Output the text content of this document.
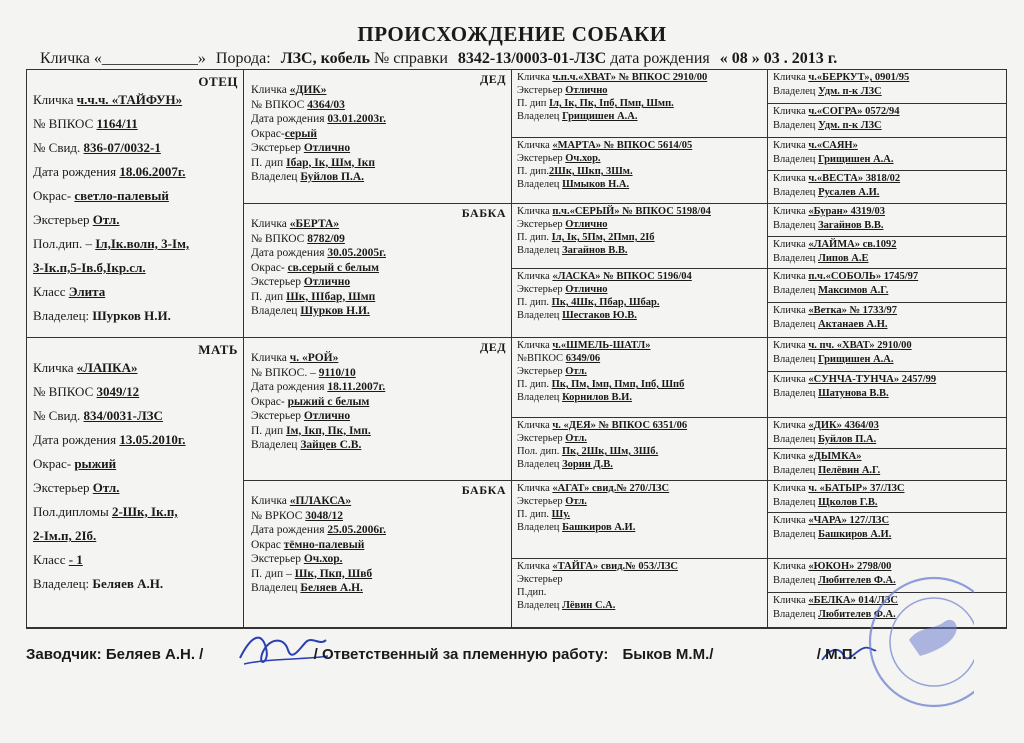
ПРОИСХОЖДЕНИЕ СОБАКИ
Кличка «____________» Порода: ЛЗС, кобель № справки 8342-13/0003-01-ЛЗС дата рождения « 08 » 03 . 2013 г.
ОТЕЦ
Кличка ч.ч.ч. «ТАЙФУН»
№ ВПКОС 1164/11
№ Свид. 836-07/0032-1
Дата рождения 18.06.2007г.
Окрас- светло-палевый
Экстерьер Отл.
Пол.дип. – Iл,Iк.волн, 3-Iм,
3-Iк.п,5-Iв.б,Iкр.сл.
Класс Элита
Владелец: Шурков Н.И.
МАТЬ
Кличка «ЛАПКА»
№ ВПКОС 3049/12
№ Свид. 834/0031-ЛЗС
Дата рождения 13.05.2010г.
Окрас- рыжий
Экстерьер Отл.
Пол.дипломы 2-Шк, Iк.п,
2-Iм.п, 2Iб.
Класс - 1
Владелец: Беляев А.Н.
ДЕД
Кличка «ДИК»
№ ВПКОС 4364/03
Дата рождения 03.01.2003г.
Окрас-серый
Экстерьер Отлично
П. дип Iбар, Iк, Шм, Iкп
Владелец Буйлов П.А.
БАБКА
Кличка «БЕРТА»
№ ВПКОС 8782/09
Дата рождения 30.05.2005г.
Окрас- св.серый с белым
Экстерьер Отлично
П. дип Шк, IIIбар, Шмп
Владелец Шурков Н.И.
ДЕД
Кличка ч. «РОЙ»
№ ВПКОС. – 9110/10
Дата рождения 18.11.2007г.
Окрас- рыжий с белым
Экстерьер Отлично
П. дип Iм, Iкп, Пк, Iмп.
Владелец Зайцев С.В.
БАБКА
Кличка «ПЛАКСА»
№ ВРКОС 3048/12
Дата рождения 25.05.2006г.
Окрас тёмно-палевый
Экстерьер Оч.хор.
П. дип – Шк, Пкп, Швб
Владелец Беляев А.Н.
Кличка ч.п.ч.«ХВАТ» № ВПКОС 2910/00
Экстерьер Отлично
П. дип Iл, Iк, Пк, Iпб, Пмп, Шмп.
Владелец Грищишен А.А.
Кличка «МАРТА» № ВПКОС 5614/05
Экстерьер Оч.хор.
П. дип.2Шк, Шкп, 3Шм.
Владелец Шмыков Н.А.
Кличка п.ч.«СЕРЫЙ» № ВПКОС 5198/04
Экстерьер Отлично
П. дип. Iл, Iк, 5Пм, 2Пмп, 2Iб
Владелец Загайнов В.В.
Кличка «ЛАСКА» № ВПКОС 5196/04
Экстерьер Отлично
П. дип. Пк, 4Шк, Пбар, Шбар.
Владелец Шестаков Ю.В.
Кличка ч.«ШМЕЛЬ-ШАТЛ»
№ВПКОС 6349/06
Экстерьер Отл.
П. дип. Пк, Пм, Iмп, Пмп, Iпб, Шпб
Владелец Корнилов В.И.
Кличка ч. «ДЕЯ» № ВПКОС 6351/06
Экстерьер Отл.
Пол. дип. Пк, 2Шк, Шм, 3Шб.
Владелец Зорин Д.В.
Кличка «АГАТ» свид.№ 270/ЛЗС
Экстерьер Отл.
П. дип. Шу.
Владелец Башкиров А.И.
Кличка «ТАЙГА» свид.№ 053/ЛЗС
Экстерьер
П.дип.
Владелец Лёвин С.А.
Кличка ч.«БЕРКУТ», 0901/95
Владелец Удм. п-к ЛЗС
Кличка ч.«СОГРА» 0572/94
Владелец Удм. п-к ЛЗС
Кличка ч.«САЯН»
Владелец Грищишен А.А.
Кличка ч.«ВЕСТА» 3818/02
Владелец Русалев А.И.
Кличка «Буран» 4319/03
Владелец Загайнов В.В.
Кличка «ЛАЙМА» св.1092
Владелец Липов А.Е
Кличка п.ч.«СОБОЛЬ» 1745/97
Владелец Максимов А.Г.
Кличка «Ветка» № 1733/97
Владелец Актанаев А.Н.
Кличка ч. пч. «ХВАТ» 2910/00
Владелец Грищишен А.А.
Кличка «СУНЧА-ТУНЧА» 2457/99
Владелец Шатунова В.В.
Кличка «ДИК» 4364/03
Владелец Буйлов П.А.
Кличка «ДЫМКА»
Владелец Пелёвин А.Г.
Кличка ч. «БАТЫР» 37/ЛЗС
Владелец Щколов Г.В.
Кличка «ЧАРА» 127/ЛЗС
Владелец Башкиров А.И.
Кличка «ЮКОН» 2798/00
Владелец Любителев Ф.А.
Кличка «БЕЛКА» 014/ЛЗС
Владелец Любителев Ф.А.
Заводчик: Беляев А.Н. /	/ Ответственный за племенную работу: Быков М.М./	/ М.П.
